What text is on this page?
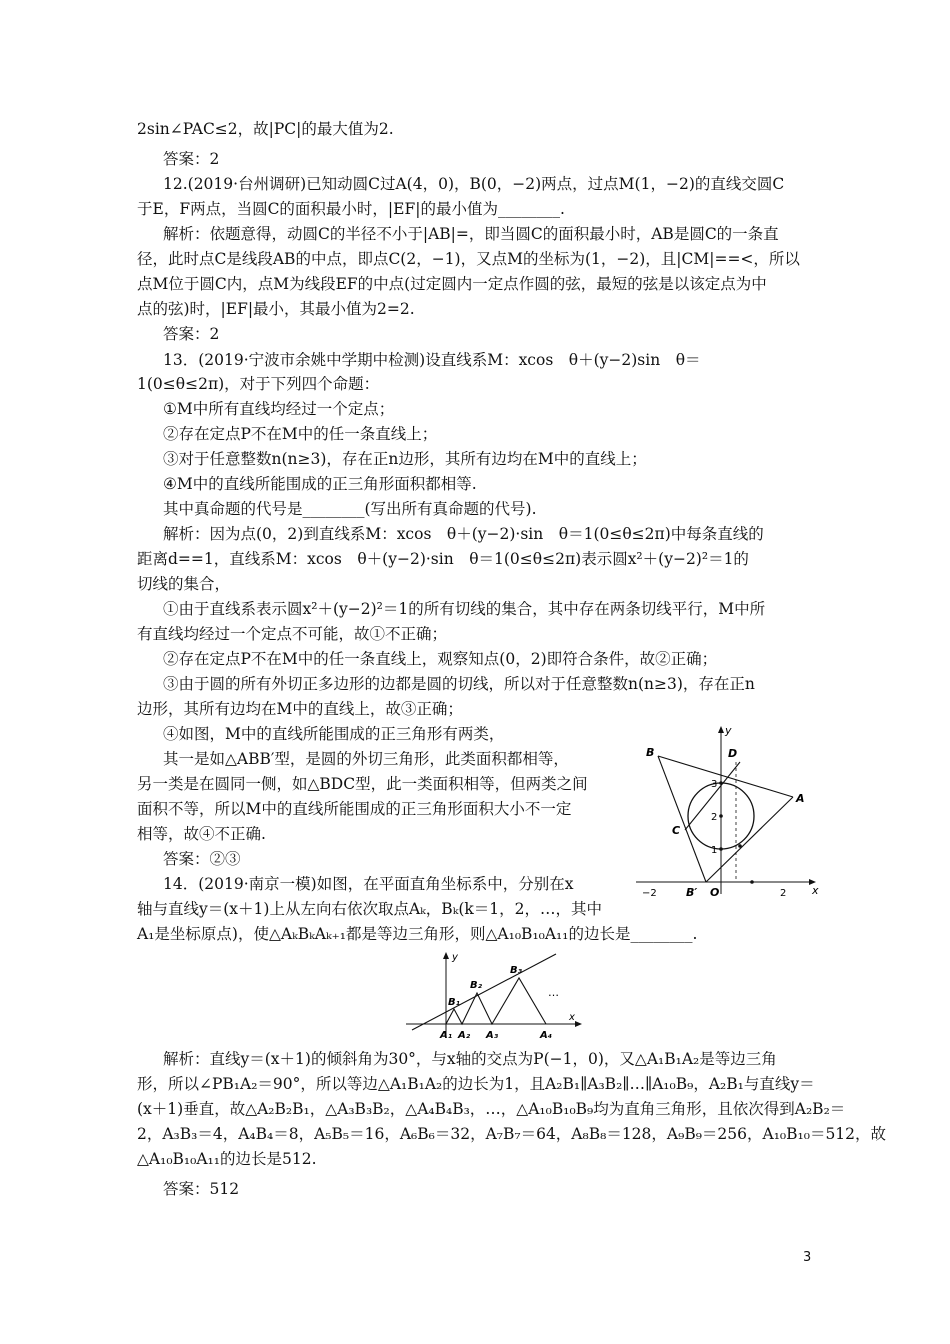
2sin∠PAC≤2，故|PC|的最大值为2.
答案：2
12.(2019·台州调研)已知动圆C过A(4，0)，B(0，−2)两点，过点M(1，−2)的直线交圆C
于E，F两点，当圆C的面积最小时，|EF|的最小值为________.
解析：依题意得，动圆C的半径不小于|AB|=，即当圆C的面积最小时，AB是圆C的一条直
径，此时点C是线段AB的中点，即点C(2，−1)，又点M的坐标为(1，−2)，且|CM|==<，所以
点M位于圆C内，点M为线段EF的中点(过定圆内一定点作圆的弦，最短的弦是以该定点为中
点的弦)时，|EF|最小，其最小值为2=2.
答案：2
13．(2019·宁波市余姚中学期中检测)设直线系M：xcos　θ＋(y−2)sin　θ＝
1(0≤θ≤2π)，对于下列四个命题：
①M中所有直线均经过一个定点；
②存在定点P不在M中的任一条直线上；
③对于任意整数n(n≥3)，存在正n边形，其所有边均在M中的直线上；
④M中的直线所能围成的正三角形面积都相等.
其中真命题的代号是________(写出所有真命题的代号).
解析：因为点(0，2)到直线系M：xcos　θ＋(y−2)·sin　θ＝1(0≤θ≤2π)中每条直线的
距离d==1，直线系M：xcos　θ＋(y−2)·sin　θ＝1(0≤θ≤2π)表示圆x²＋(y−2)²＝1的
切线的集合，
①由于直线系表示圆x²＋(y−2)²＝1的所有切线的集合，其中存在两条切线平行，M中所
有直线均经过一个定点不可能，故①不正确；
②存在定点P不在M中的任一条直线上，观察知点(0，2)即符合条件，故②正确；
③由于圆的所有外切正多边形的边都是圆的切线，所以对于任意整数n(n≥3)，存在正n
边形，其所有边均在M中的直线上，故③正确；
④如图，M中的直线所能围成的正三角形有两类，
其一是如△ABB′型，是圆的外切三角形，此类面积都相等，
另一类是在圆同一侧，如△BDC型，此一类面积相等，但两类之间
面积不等，所以M中的直线所能围成的正三角形面积大小不一定
相等，故④不正确.
答案：②③
14．(2019·南京一模)如图，在平面直角坐标系中，分别在x
轴与直线y＝(x＋1)上从左向右依次取点Aₖ，Bₖ(k＝1，2，…，其中
A₁是坐标原点)，使△AₖBₖAₖ₊₁都是等边三角形，则△A₁₀B₁₀A₁₁的边长是________.
解析：直线y＝(x＋1)的倾斜角为30°，与x轴的交点为P(−1，0)，又△A₁B₁A₂是等边三角
形，所以∠PB₁A₂＝90°，所以等边△A₁B₁A₂的边长为1，且A₂B₁∥A₃B₂∥…∥A₁₀B₉，A₂B₁与直线y＝
(x＋1)垂直，故△A₂B₂B₁，△A₃B₃B₂，△A₄B₄B₃，…，△A₁₀B₁₀B₉均为直角三角形，且依次得到A₂B₂＝
2，A₃B₃＝4，A₄B₄＝8，A₅B₅＝16，A₆B₆＝32，A₇B₇＝64，A₈B₈＝128，A₉B₉＝256，A₁₀B₁₀＝512，故
△A₁₀B₁₀A₁₁的边长是512.
答案：512
B	D
A
C
B′ O
y
x
3
2
1
−2	2
y
x
B₁
B₂
B₃
A₁ A₂ A₃	A₄
…
3
